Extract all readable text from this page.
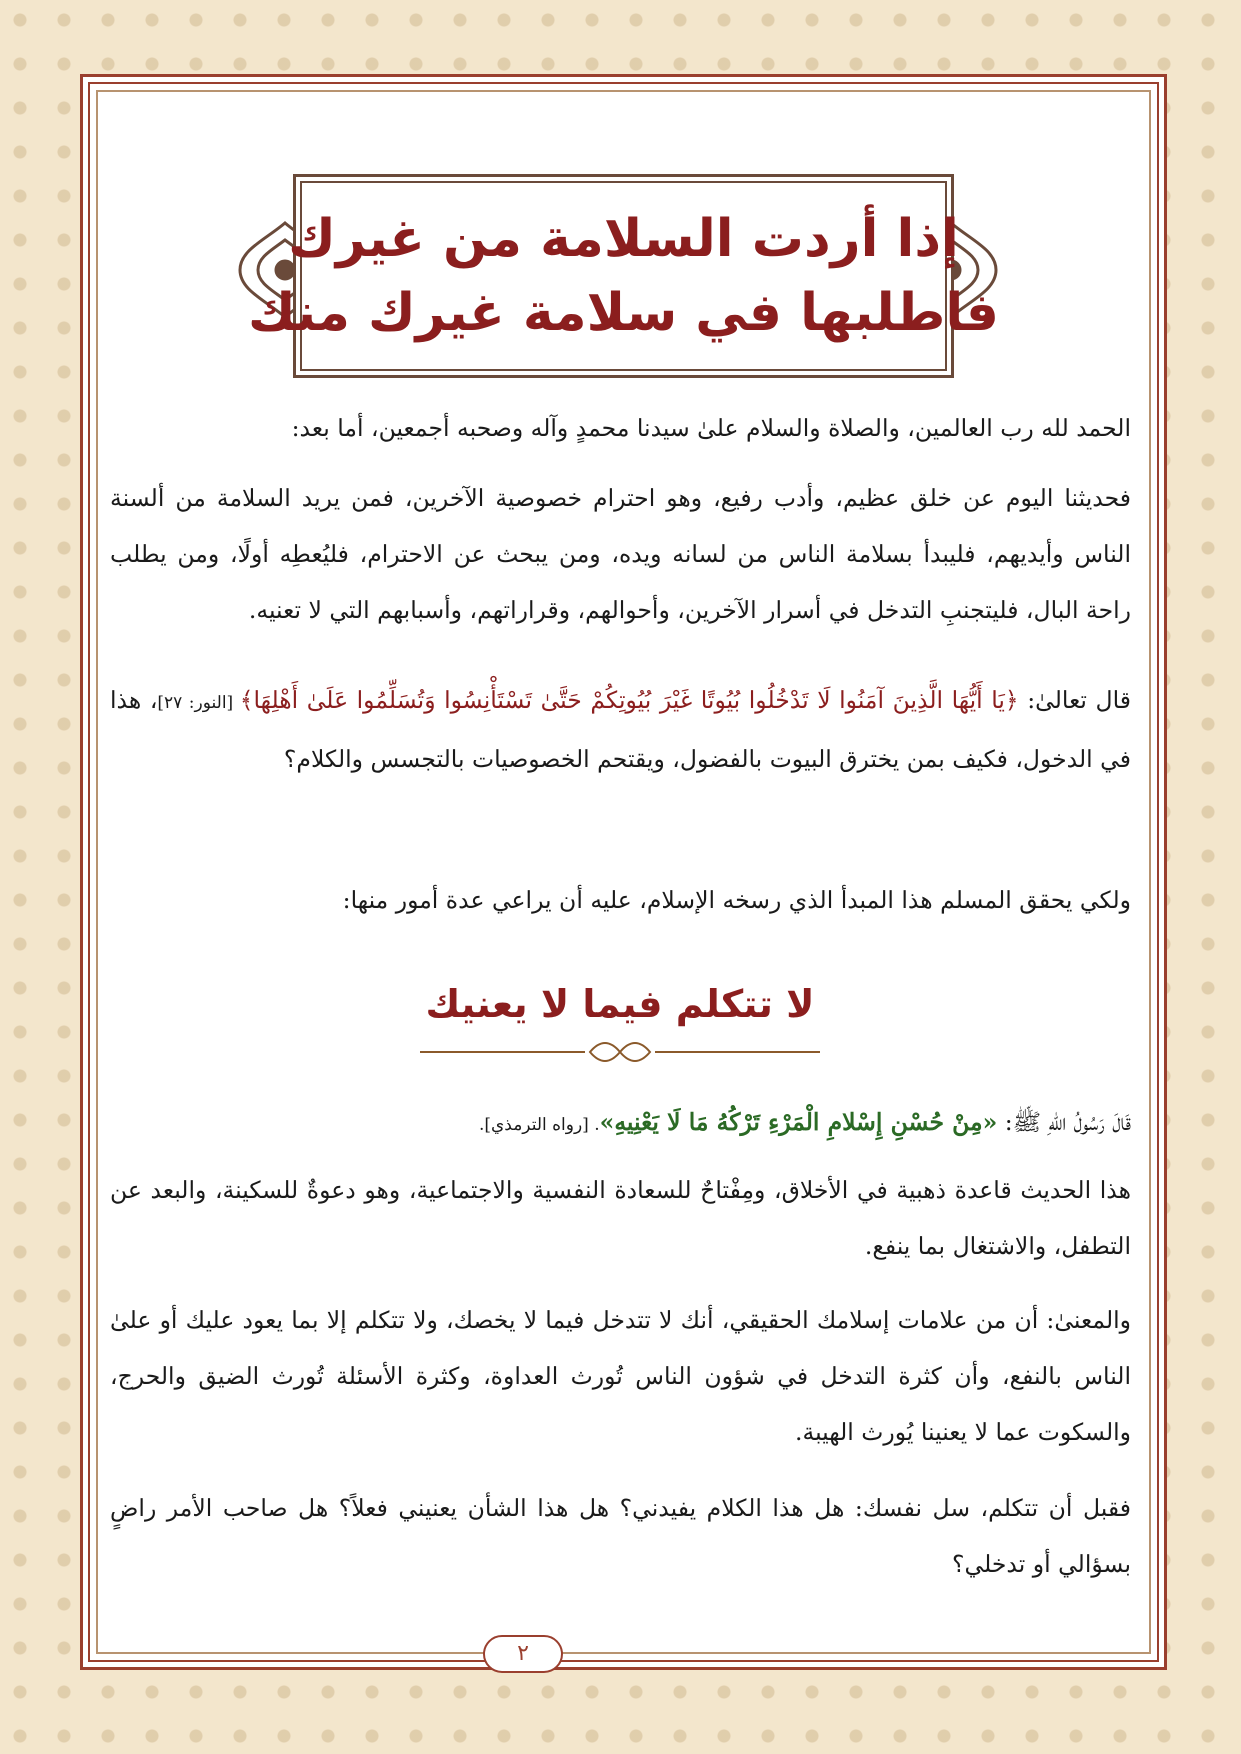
إذا أردت السلامة من غيرك
فاطلبها في سلامة غيرك منك
الحمد لله رب العالمين، والصلاة والسلام علىٰ سيدنا محمدٍ وآله وصحبه أجمعين، أما بعد:
فحديثنا اليوم عن خلق عظيم، وأدب رفيع، وهو احترام خصوصية الآخرين، فمن يريد السلامة من ألسنة الناس وأيديهم، فليبدأ بسلامة الناس من لسانه ويده، ومن يبحث عن الاحترام، فليُعطِه أولًا، ومن يطلب راحة البال، فليتجنبِ التدخل في أسرار الآخرين، وأحوالهم، وقراراتهم، وأسبابهم التي لا تعنيه.
قال تعالىٰ: ﴿يَا أَيُّهَا الَّذِينَ آمَنُوا لَا تَدْخُلُوا بُيُوتًا غَيْرَ بُيُوتِكُمْ حَتَّىٰ تَسْتَأْنِسُوا وَتُسَلِّمُوا عَلَىٰ أَهْلِهَا﴾ [النور: ٢٧]، هذا في الدخول، فكيف بمن يخترق البيوت بالفضول، ويقتحم الخصوصيات بالتجسس والكلام؟
ولكي يحقق المسلم هذا المبدأ الذي رسخه الإسلام، عليه أن يراعي عدة أمور منها:
لا تتكلم فيما لا يعنيك
قَالَ رَسُولُ اللهِ ﷺ: «مِنْ حُسْنِ إِسْلامِ الْمَرْءِ تَرْكُهُ مَا لَا يَعْنِيهِ». [رواه الترمذي].
هذا الحديث قاعدة ذهبية في الأخلاق، ومِفْتاحٌ للسعادة النفسية والاجتماعية، وهو دعوةٌ للسكينة، والبعد عن التطفل، والاشتغال بما ينفع.
والمعنىٰ: أن من علامات إسلامك الحقيقي، أنك لا تتدخل فيما لا يخصك، ولا تتكلم إلا بما يعود عليك أو علىٰ الناس بالنفع، وأن كثرة التدخل في شؤون الناس تُورث العداوة، وكثرة الأسئلة تُورث الضيق والحرج، والسكوت عما لا يعنينا يُورث الهيبة.
فقبل أن تتكلم، سل نفسك: هل هذا الكلام يفيدني؟ هل هذا الشأن يعنيني فعلاً؟ هل صاحب الأمر راضٍ بسؤالي أو تدخلي؟
٢
